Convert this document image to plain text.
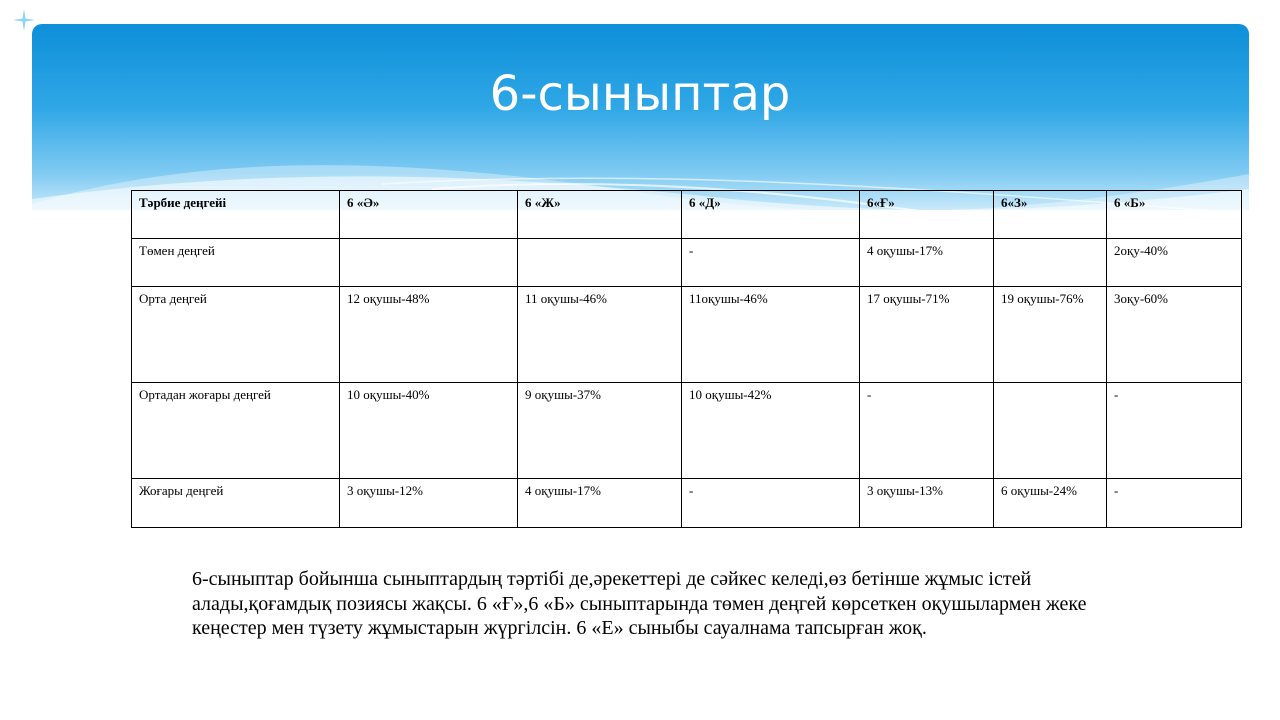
6-сыныптар
Тәрбие деңгейі	6 «Ә»	6 «Ж»	6 «Д»	6«Ғ»	6«З»	6 «Б»
Төмен деңгей			-	4 оқушы-17%		2оқу-40%
Орта деңгей	12 оқушы-48%	11 оқушы-46%	11оқушы-46%	17 оқушы-71%	19 оқушы-76%	3оқу-60%
Ортадан жоғары деңгей	10 оқушы-40%	9 оқушы-37%	10 оқушы-42%	-		-
Жоғары деңгей	3 оқушы-12%	4 оқушы-17%	-	3 оқушы-13%	6 оқушы-24%	-

6-сыныптар бойынша сыныптардың тәртібі де,әрекеттері де сәйкес келеді,өз бетінше жұмыс істей алады,қоғамдық позиясы жақсы. 6 «Ғ»,6 «Б» сыныптарында төмен деңгей көрсеткен оқушылармен жеке кеңестер мен түзету жұмыстарын жүргілсін. 6 «Е» сыныбы сауалнама тапсырған жоқ.
